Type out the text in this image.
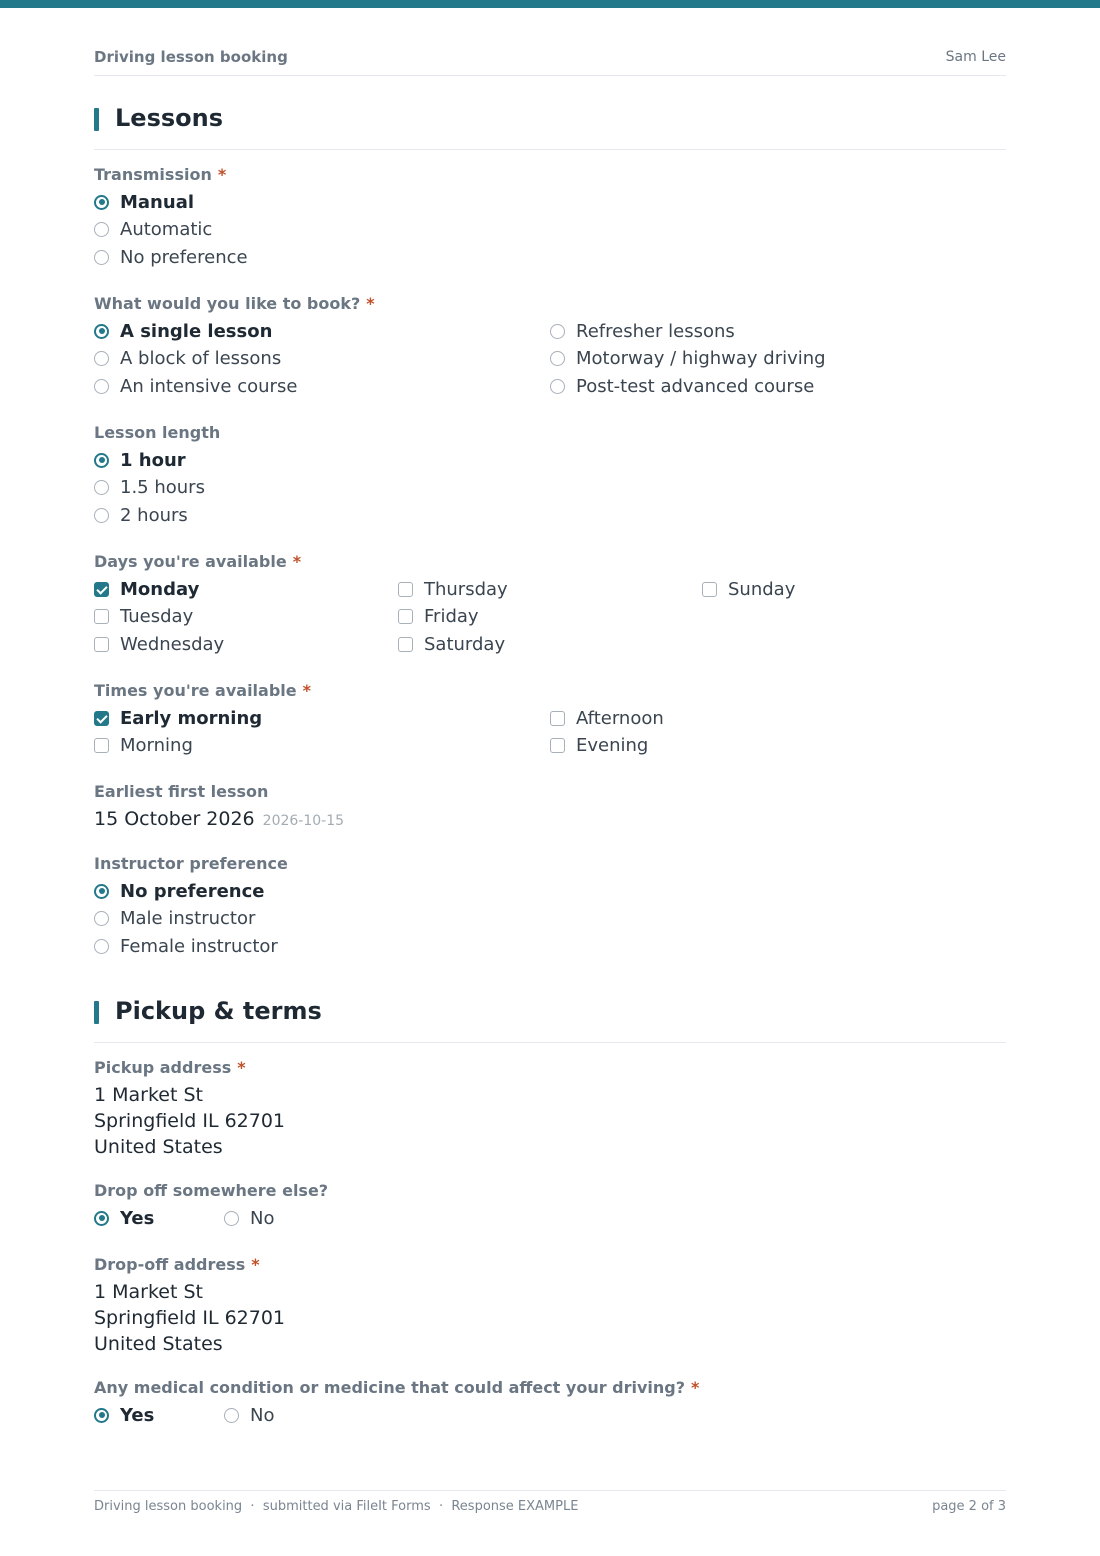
Driving lesson booking	Sam Lee
Lessons
Transmission *
Manual
Automatic
No preference
What would you like to book? *
A single lesson
A block of lessons
An intensive course
Refresher lessons
Motorway / highway driving
Post-test advanced course
Lesson length
1 hour
1.5 hours
2 hours
Days you're available *
Monday
Tuesday
Wednesday
Thursday
Friday
Saturday
Sunday
Times you're available *
Early morning
Morning
Afternoon
Evening
Earliest first lesson
15 October 2026 2026-10-15
Instructor preference
No preference
Male instructor
Female instructor
Pickup & terms
Pickup address *
1 Market St
Springfield IL 62701
United States
Drop off somewhere else?
Yes	No
Drop-off address *
1 Market St
Springfield IL 62701
United States
Any medical condition or medicine that could affect your driving? *
Yes	No
Driving lesson booking  ·  submitted via FileIt Forms  ·  Response EXAMPLE	page 2 of 3
